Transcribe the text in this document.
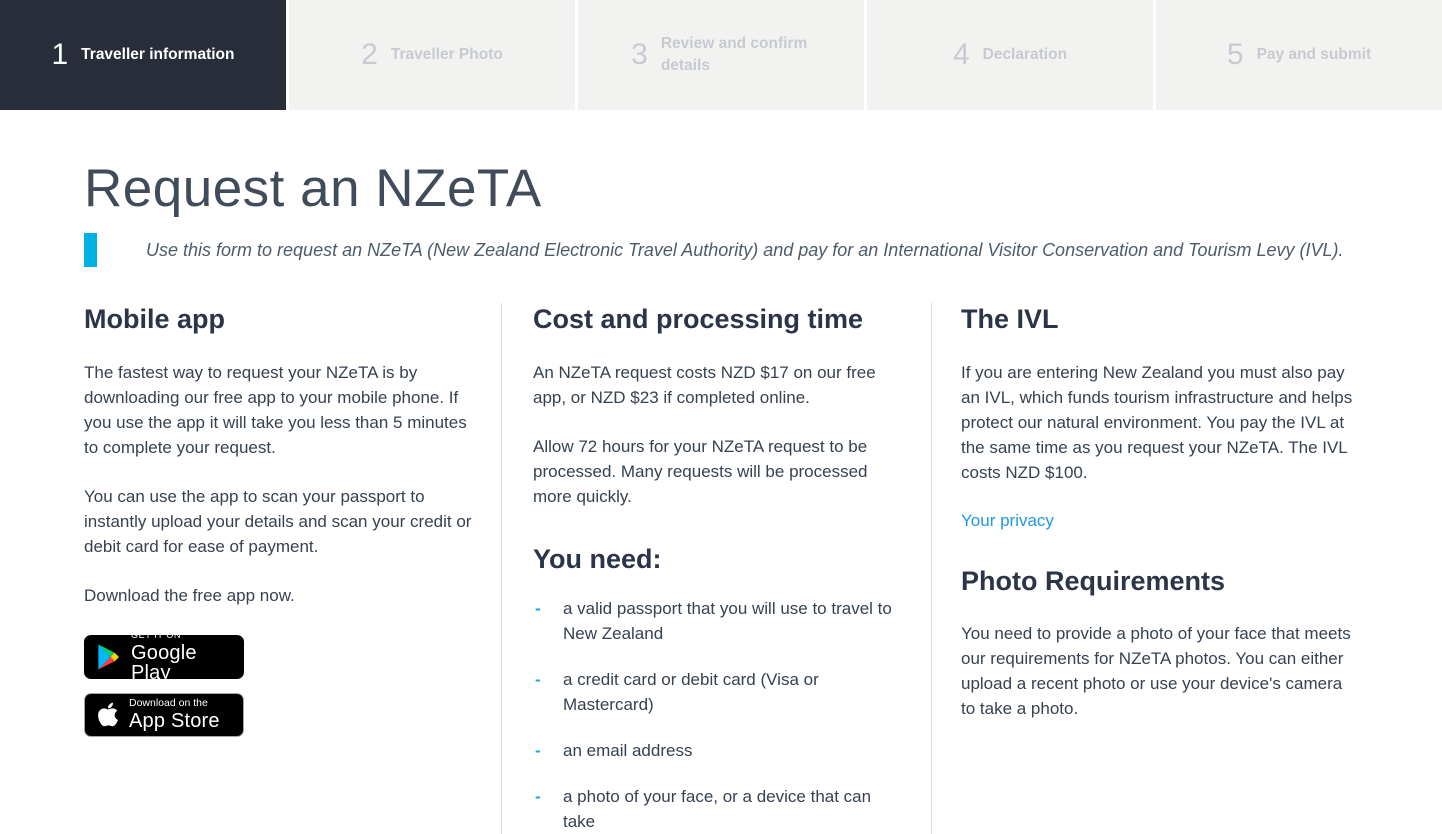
1 Traveller information	2 Traveller Photo	3 Review and confirm details	4 Declaration	5 Pay and submit
Request an NZeTA
Use this form to request an NZeTA (New Zealand Electronic Travel Authority) and pay for an International Visitor Conservation and Tourism Levy (IVL).
Mobile app

The fastest way to request your NZeTA is by downloading our free app to your mobile phone. If you use the app it will take you less than 5 minutes to complete your request.

You can use the app to scan your passport to instantly upload your details and scan your credit or debit card for ease of payment.

Download the free app now.

GET IT ON
Google Play
Download on the
App Store
Cost and processing time

An NZeTA request costs NZD $17 on our free app, or NZD $23 if completed online.

Allow 72 hours for your NZeTA request to be processed. Many requests will be processed more quickly.

You need:
- a valid passport that you will use to travel to New Zealand
- a credit card or debit card (Visa or Mastercard)
- an email address
- a photo of your face, or a device that can take
The IVL

If you are entering New Zealand you must also pay an IVL, which funds tourism infrastructure and helps protect our natural environment. You pay the IVL at the same time as you request your NZeTA. The IVL costs NZD $100.

Your privacy
Photo Requirements

You need to provide a photo of your face that meets our requirements for NZeTA photos. You can either upload a recent photo or use your device's camera to take a photo.
